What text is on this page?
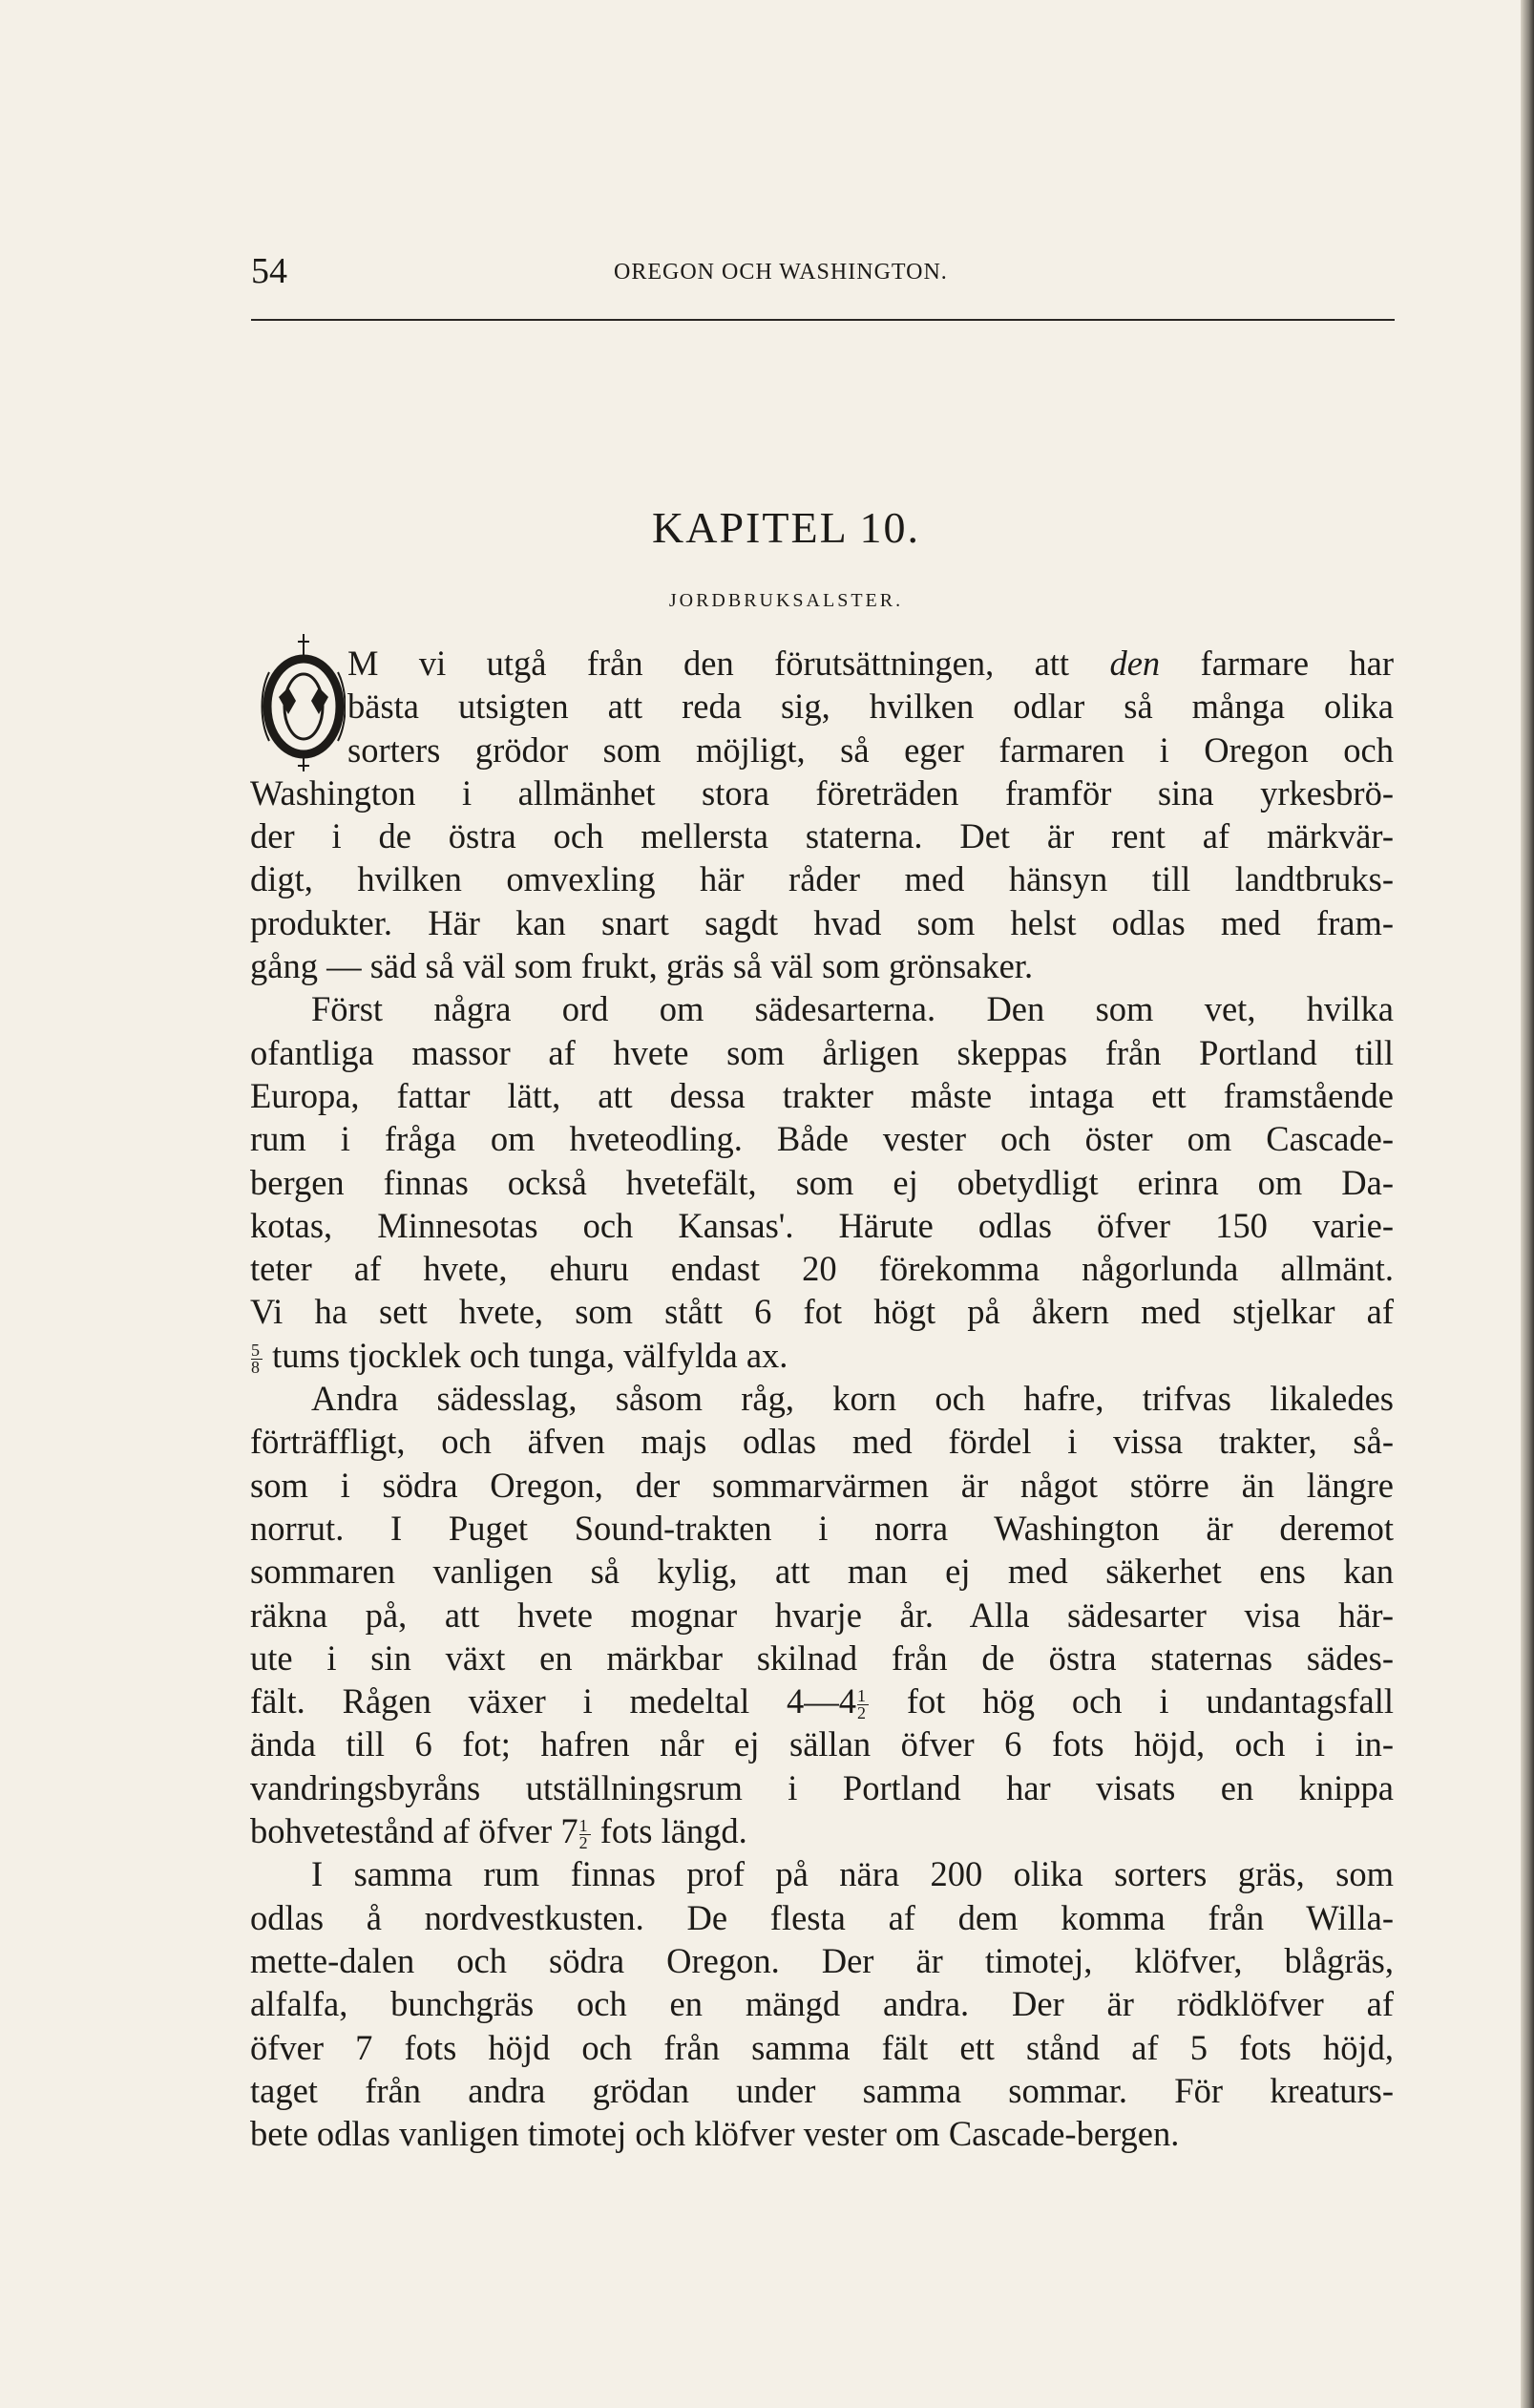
54	OREGON OCH WASHINGTON.
KAPITEL 10.
JORDBRUKSALSTER.
M vi utgå från den förutsättningen, att den farmare har
bästa utsigten att reda sig, hvilken odlar så många olika
sorters grödor som möjligt, så eger farmaren i Oregon och
Washington i allmänhet stora företräden framför sina yrkesbrö-
der i de östra och mellersta staterna. Det är rent af märkvär-
digt, hvilken omvexling här råder med hänsyn till landtbruks-
produkter. Här kan snart sagdt hvad som helst odlas med fram-
gång — säd så väl som frukt, gräs så väl som grönsaker.
Först några ord om sädesarterna. Den som vet, hvilka
ofantliga massor af hvete som årligen skeppas från Portland till
Europa, fattar lätt, att dessa trakter måste intaga ett framstående
rum i fråga om hveteodling. Både vester och öster om Cascade-
bergen finnas också hvetefält, som ej obetydligt erinra om Da-
kotas, Minnesotas och Kansas'. Härute odlas öfver 150 varie-
teter af hvete, ehuru endast 20 förekomma någorlunda allmänt.
Vi ha sett hvete, som stått 6 fot högt på åkern med stjelkar af
$\frac{5}{8}$ tums tjocklek och tunga, välfylda ax.
Andra sädesslag, såsom råg, korn och hafre, trifvas likaledes
förträffligt, och äfven majs odlas med fördel i vissa trakter, så-
som i södra Oregon, der sommarvärmen är något större än längre
norrut. I Puget Sound-trakten i norra Washington är deremot
sommaren vanligen så kylig, att man ej med säkerhet ens kan
räkna på, att hvete mognar hvarje år. Alla sädesarter visa här-
ute i sin växt en märkbar skilnad från de östra staternas sädes-
fält. Rågen växer i medeltal 4—4 $\frac{1}{2}$ fot hög och i undantagsfall
ända till 6 fot; hafren når ej sällan öfver 6 fots höjd, och i in-
vandringsbyråns utställningsrum i Portland har visats en knippa
bohvetestånd af öfver $7 \frac{1}{2}$ fots längd.
I samma rum finnas prof på nära 200 olika sorters gräs, som
odlas å nordvestkusten. De flesta af dem komma från Willa-
mette-dalen och södra Oregon. Der är timotej, klöfver, blågräs,
alfalfa, bunchgräs och en mängd andra. Der är rödklöfver af
öfver 7 fots höjd och från samma fält ett stånd af 5 fots höjd,
taget från andra grödan under samma sommar. För kreaturs-
bete odlas vanligen timotej och klöfver vester om Cascade-bergen.
